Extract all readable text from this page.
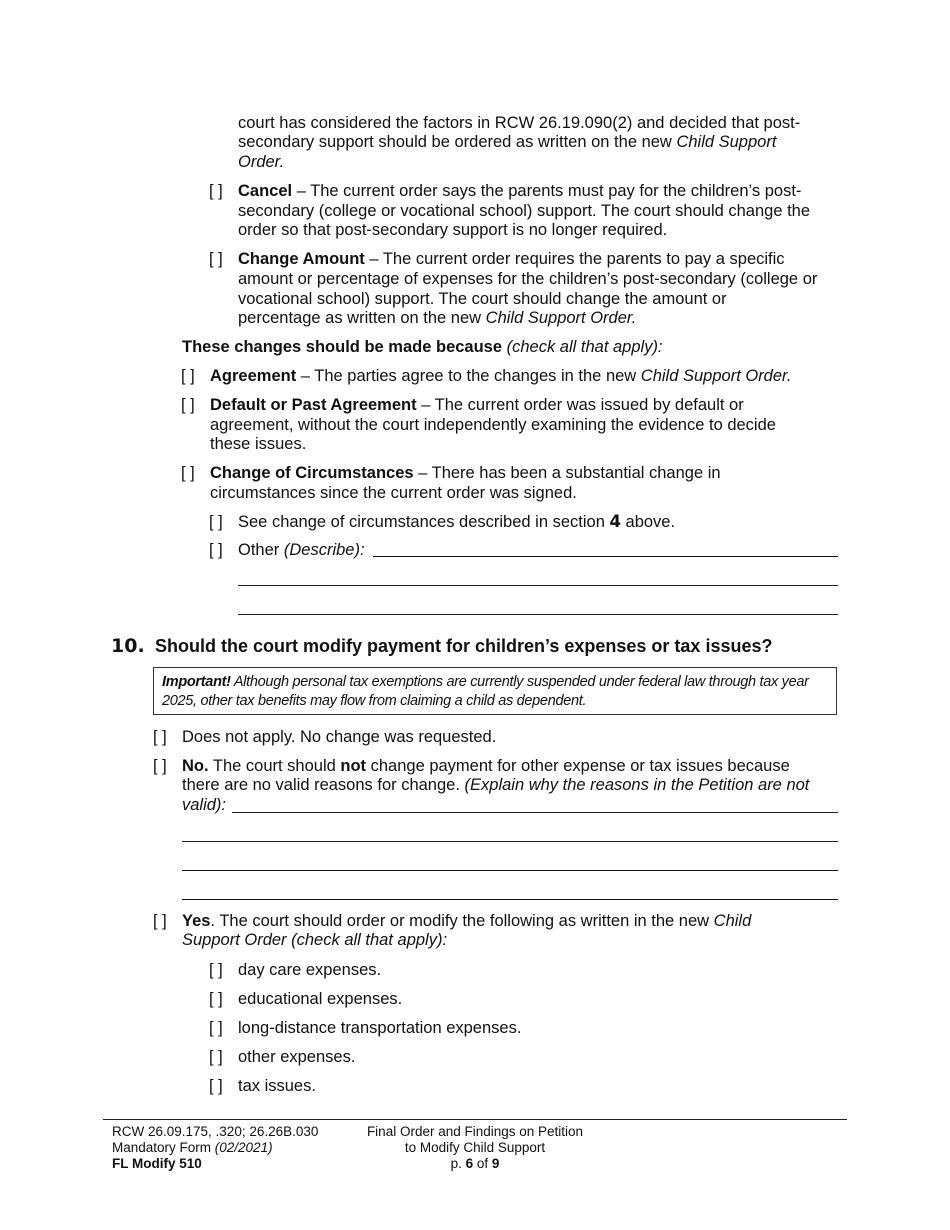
court has considered the factors in RCW 26.19.090(2) and decided that post-
secondary support should be ordered as written on the new Child Support
Order.
[ ] Cancel – The current order says the parents must pay for the children’s post-
secondary (college or vocational school) support. The court should change the
order so that post-secondary support is no longer required.
[ ] Change Amount – The current order requires the parents to pay a specific
amount or percentage of expenses for the children’s post-secondary (college or
vocational school) support. The court should change the amount or
percentage as written on the new Child Support Order.
These changes should be made because (check all that apply):
[ ] Agreement – The parties agree to the changes in the new Child Support Order.
[ ] Default or Past Agreement – The current order was issued by default or
agreement, without the court independently examining the evidence to decide
these issues.
[ ] Change of Circumstances – There has been a substantial change in
circumstances since the current order was signed.
[ ] See change of circumstances described in section 4 above.
[ ] Other (Describe):
10. Should the court modify payment for children’s expenses or tax issues?
Important! Although personal tax exemptions are currently suspended under federal law through tax year
2025, other tax benefits may flow from claiming a child as dependent.
[ ] Does not apply. No change was requested.
[ ] No. The court should not change payment for other expense or tax issues because
there are no valid reasons for change. (Explain why the reasons in the Petition are not
valid):
[ ] Yes. The court should order or modify the following as written in the new Child
Support Order (check all that apply):
[ ] day care expenses.
[ ] educational expenses.
[ ] long-distance transportation expenses.
[ ] other expenses.
[ ] tax issues.
RCW 26.09.175, .320; 26.26B.030
Mandatory Form (02/2021)
FL Modify 510
Final Order and Findings on Petition
to Modify Child Support
p. 6 of 9
